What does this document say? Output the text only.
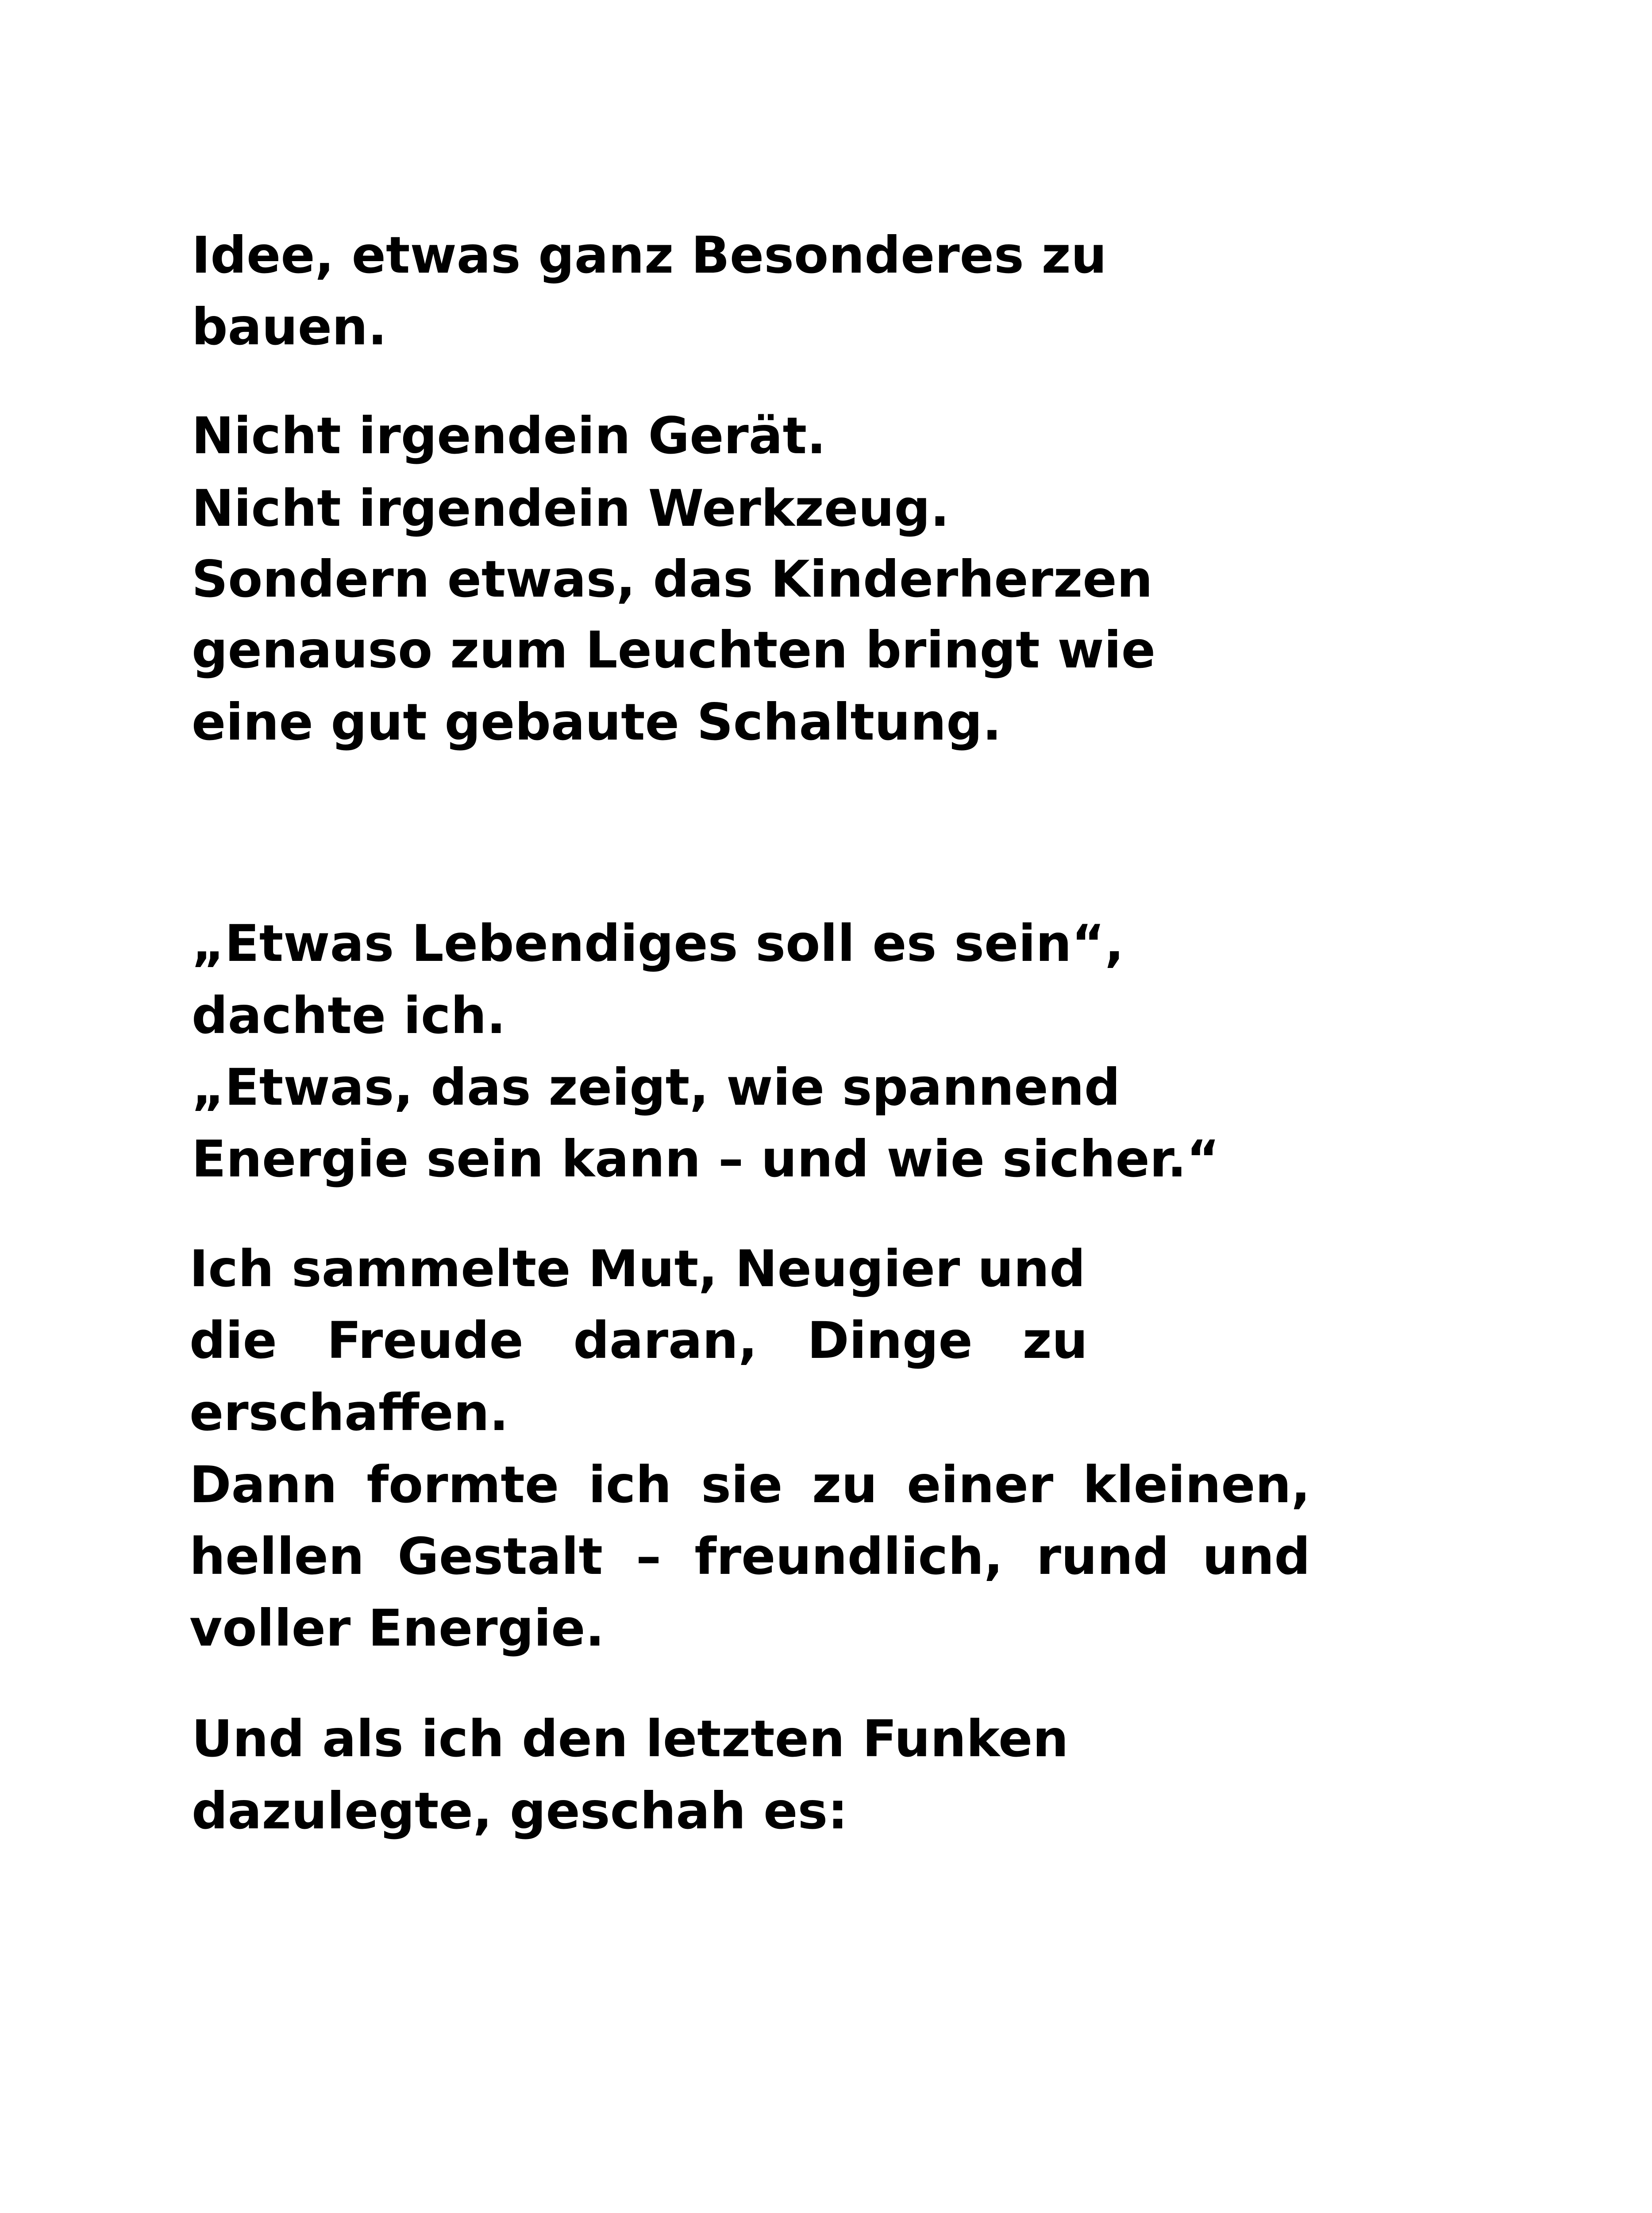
Idee, etwas ganz Besonderes zu

bauen.

Nicht irgendein Gerät.

Nicht irgendein Werkzeug.

Sondern etwas, das Kinderherzen

genauso zum Leuchten bringt wie

eine gut gebaute Schaltung.

„Etwas Lebendiges soll es sein“,

dachte ich.

„Etwas, das zeigt, wie spannend

Energie sein kann – und wie sicher.“

Ich sammelte Mut, Neugier und

die Freude daran, Dinge zu

erschaffen.

Dann formte ich sie zu einer kleinen,
hellen Gestalt – freundlich, rund und

voller Energie.

Und als ich den letzten Funken

dazulegte, geschah es:
